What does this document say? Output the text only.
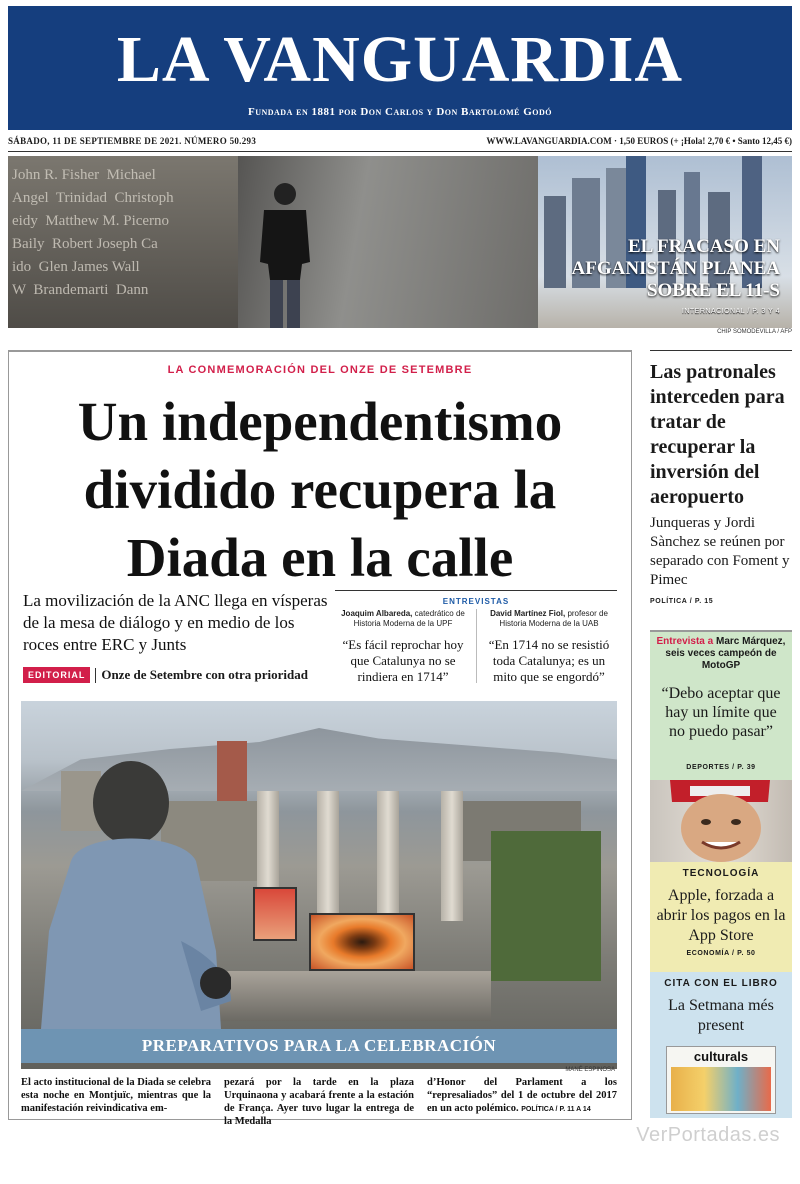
LA VANGUARDIA
Fundada en 1881 por Don Carlos y Don Bartolomé Godó
SÁBADO, 11 DE SEPTIEMBRE DE 2021. NÚMERO 50.293	WWW.LAVANGUARDIA.COM · 1,50 EUROS (+ ¡Hola! 2,70 € • Santo 12,45 €)
John R. Fisher  Michael
Angel  Trinidad  Christoph
eidy  Matthew M. Picerno
Baily  Robert Joseph Ca
ido  Glen James Wall
W  Brandemarti  Dann
EL FRACASO EN AFGANISTÁN PLANEA SOBRE EL 11-S
INTERNACIONAL / P. 3 Y 4
CHIP SOMODEVILLA / AFP
LA CONMEMORACIÓN DEL ONZE DE SETEMBRE
Un independentismo dividido recupera la Diada en la calle

La movilización de la ANC llega en vísperas de la mesa de diálogo y en medio de los roces entre ERC y Junts

EDITORIAL Onze de Setembre con otra prioridad
ENTREVISTAS
Joaquim Albareda, catedrático de Historia Moderna de la UPF
“Es fácil reprochar hoy que Catalunya no se rindiera en 1714”
David Martínez Fiol, profesor de Historia Moderna de la UAB
“En 1714 no se resistió toda Catalunya; es un mito que se engordó”
PREPARATIVOS PARA LA CELEBRACIÓN
MANÉ ESPINOSA

El acto institucional de la Diada se celebra esta noche en Montjuïc, mientras que la manifestación reivindicativa em-

pezará por la tarde en la plaza Urquinaona y acabará frente a la estación de França. Ayer tuvo lugar la entrega de la Medalla

d’Honor del Parlament a los “represaliados” del 1 de octubre del 2017 en un acto polémico. POLÍTICA / P. 11 A 14

Las patronales interceden para tratar de recuperar la inversión del aeropuerto

Junqueras y Jordi Sànchez se reúnen por separado con Foment y Pimec
POLÍTICA / P. 15

Entrevista a Marc Márquez, seis veces campeón de MotoGP
“Debo aceptar que hay un límite que no puedo pasar”
DEPORTES / P. 39
TECNOLOGÍA
Apple, forzada a abrir los pagos en la App Store
ECONOMÍA / P. 50
CITA CON EL LIBRO
La Setmana més present
culturals
VerPortadas.es
